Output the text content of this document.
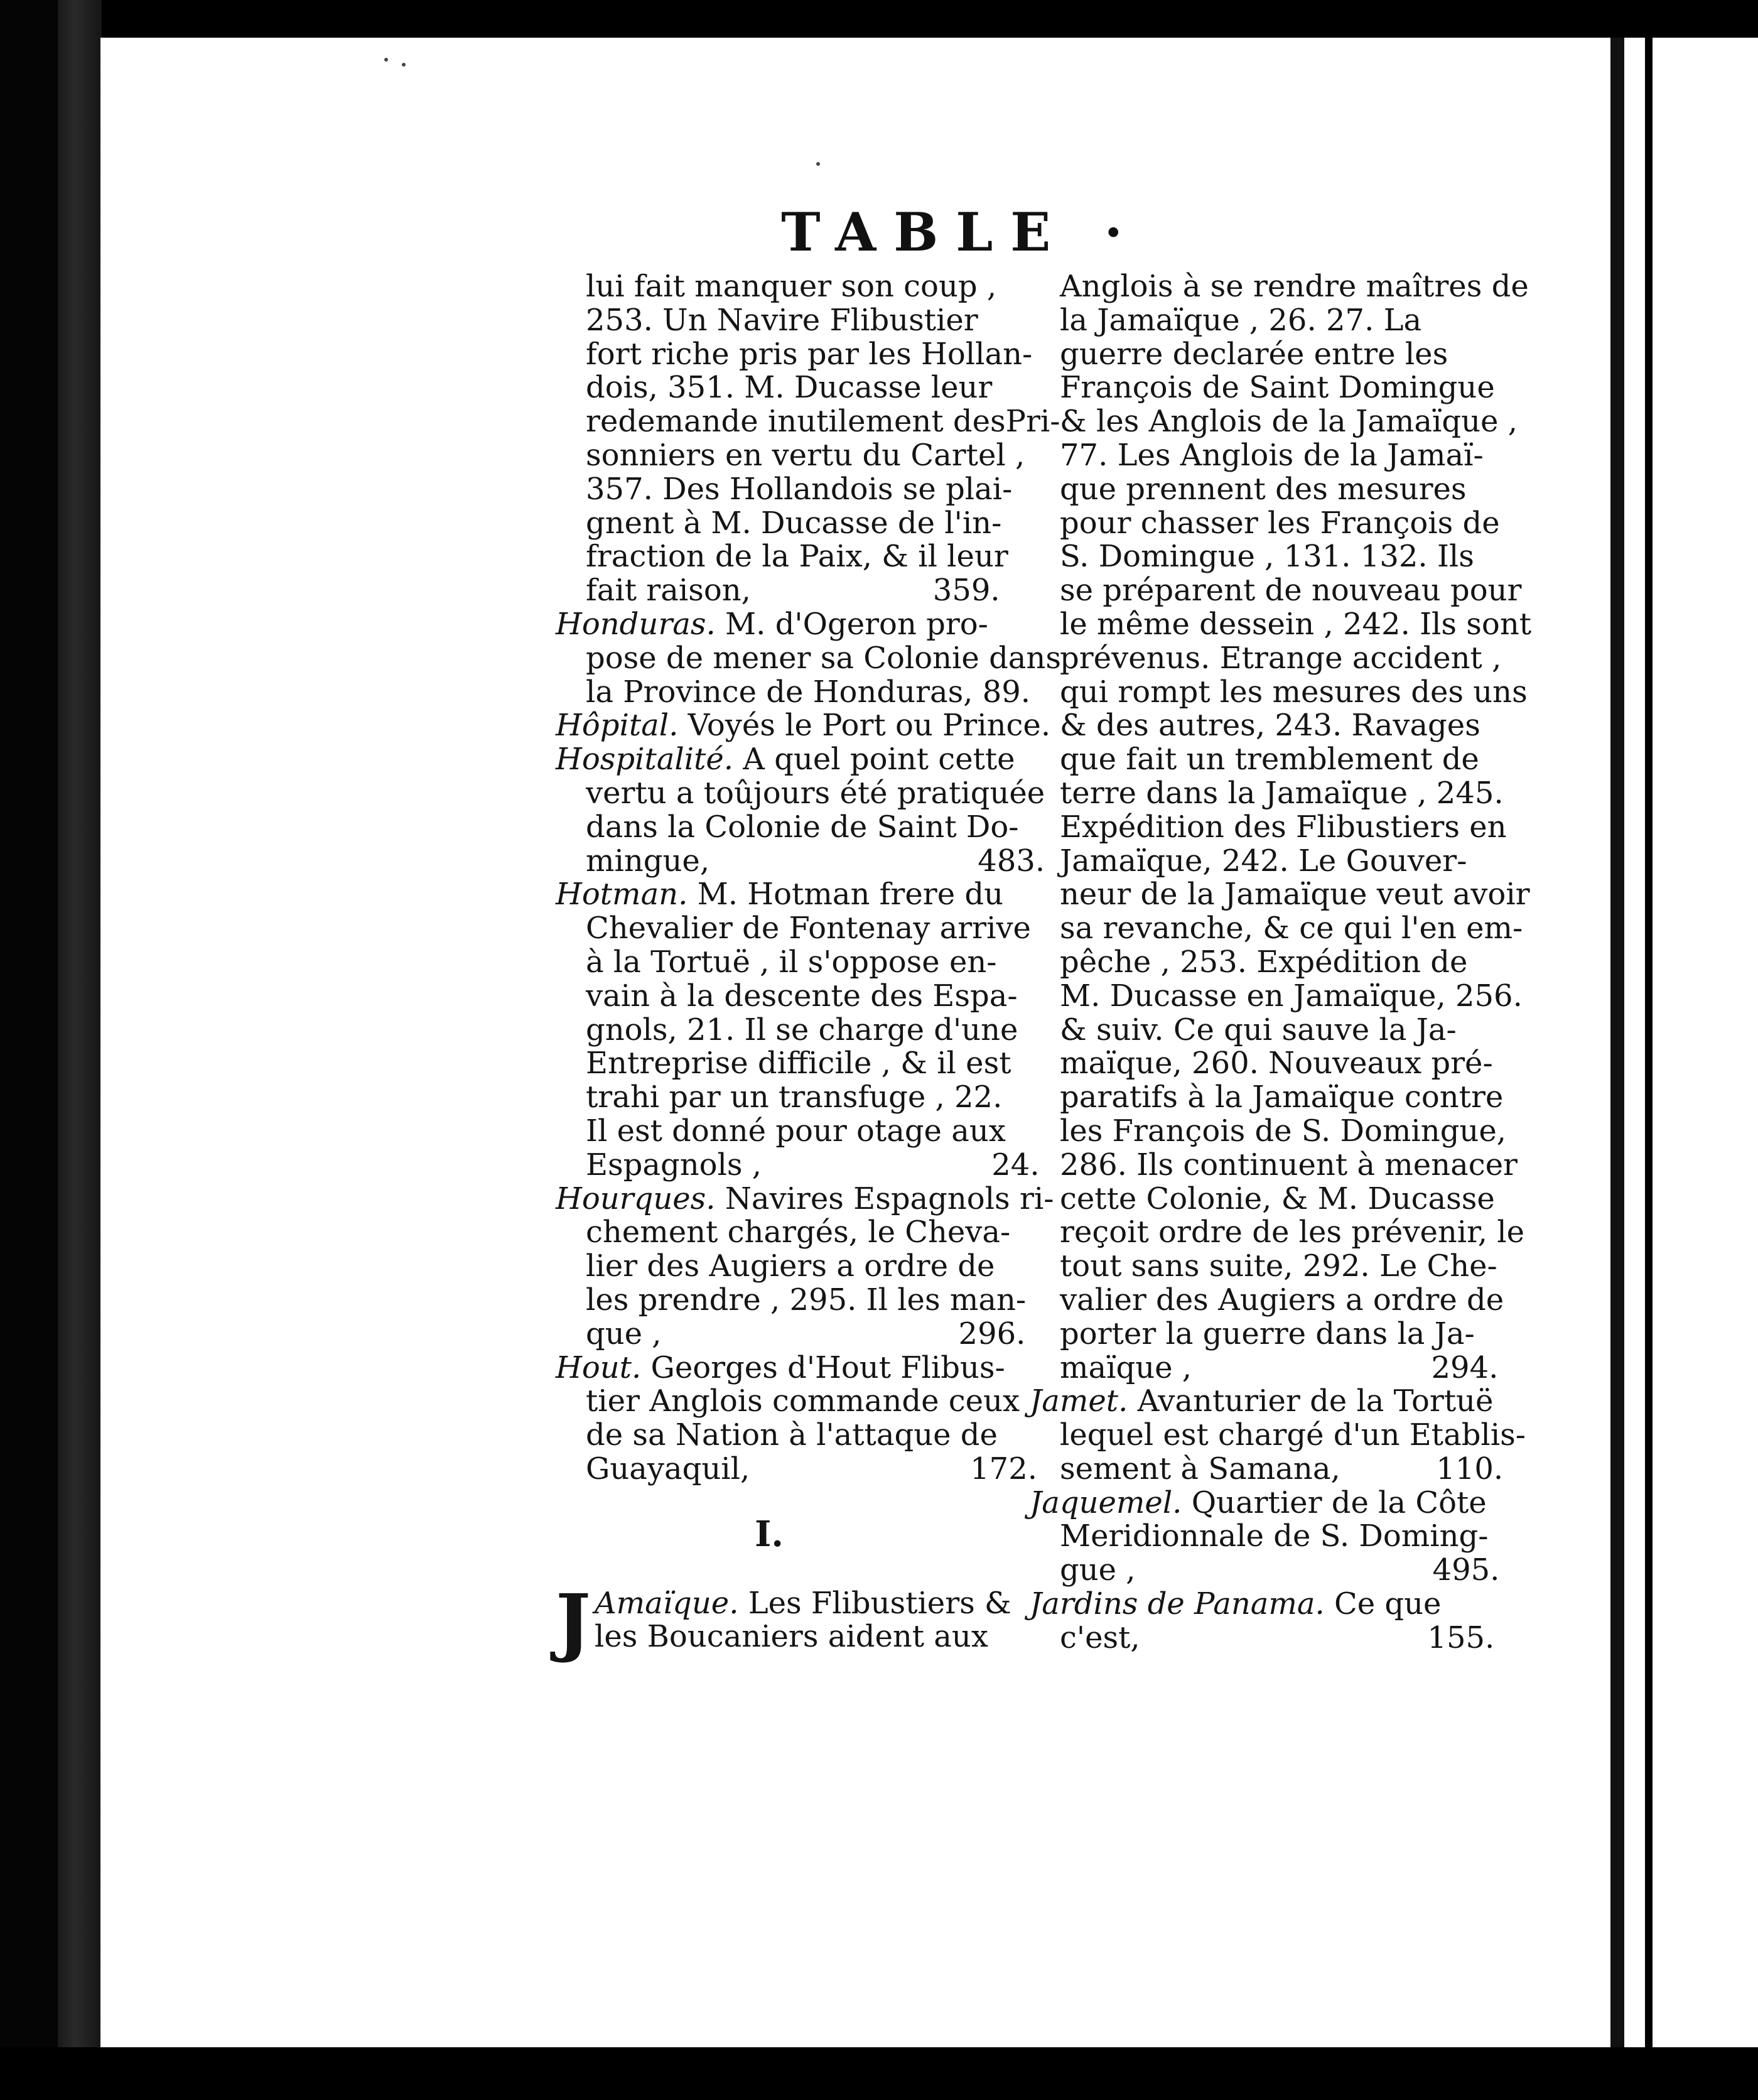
TABLE ·
lui fait manquer son coup ,
253. Un Navire Flibustier
fort riche pris par les Hollan-
dois, 351. M. Ducasse leur
redemande inutilement desPri-
sonniers en vertu du Cartel ,
357. Des Hollandois se plai-
gnent à M. Ducasse de l'in-
fraction de la Paix, & il leur
fait raison,                   359.
Honduras. M. d'Ogeron pro-
pose de mener sa Colonie dans
la Province de Honduras, 89.
Hôpital. Voyés le Port ou Prince.
Hospitalité. A quel point cette
vertu a toûjours été pratiquée
dans la Colonie de Saint Do-
mingue,                            483.
Hotman. M. Hotman frere du
Chevalier de Fontenay arrive
à la Tortuë , il s'oppose en-
vain à la descente des Espa-
gnols, 21. Il se charge d'une
Entreprise difficile , & il est
trahi par un transfuge , 22.
Il est donné pour otage aux
Espagnols ,                        24.
Hourques. Navires Espagnols ri-
chement chargés, le Cheva-
lier des Augiers a ordre de
les prendre , 295. Il les man-
que ,                               296.
Hout. Georges d'Hout Flibus-
tier Anglois commande ceux
de sa Nation à l'attaque de
Guayaquil,                       172.
I.
J Amaïque. Les Flibustiers &
les Boucaniers aident aux
Anglois à se rendre maîtres de
la Jamaïque , 26. 27. La
guerre declarée entre les
François de Saint Domingue
& les Anglois de la Jamaïque ,
77. Les Anglois de la Jamaï-
que prennent des mesures
pour chasser les François de
S. Domingue , 131. 132. Ils
se préparent de nouveau pour
le même dessein , 242. Ils sont
prévenus. Etrange accident ,
qui rompt les mesures des uns
& des autres, 243. Ravages
que fait un tremblement de
terre dans la Jamaïque , 245.
Expédition des Flibustiers en
Jamaïque, 242. Le Gouver-
neur de la Jamaïque veut avoir
sa revanche, & ce qui l'en em-
pêche , 253. Expédition de
M. Ducasse en Jamaïque, 256.
& suiv. Ce qui sauve la Ja-
maïque, 260. Nouveaux pré-
paratifs à la Jamaïque contre
les François de S. Domingue,
286. Ils continuent à menacer
cette Colonie, & M. Ducasse
reçoit ordre de les prévenir, le
tout sans suite, 292. Le Che-
valier des Augiers a ordre de
porter la guerre dans la Ja-
maïque ,                         294.
Jamet. Avanturier de la Tortuë
lequel est chargé d'un Etablis-
sement à Samana,          110.
Jaquemel. Quartier de la Côte
Meridionnale de S. Doming-
gue ,                               495.
Jardins de Panama. Ce que
c'est,                              155.
